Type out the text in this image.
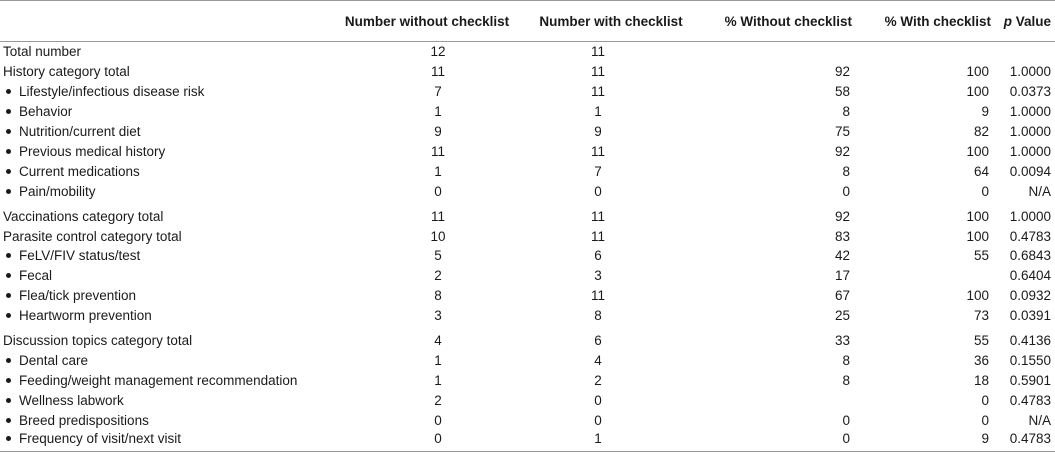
	Number without checklist	Number with checklist	% Without checklist	% With checklist	p Value
Total number	12	11			
History category total	11	11	92	100	1.0000
Lifestyle/infectious disease risk	7	11	58	100	0.0373
Behavior	1	1	8	9	1.0000
Nutrition/current diet	9	9	75	82	1.0000
Previous medical history	11	11	92	100	1.0000
Current medications	1	7	8	64	0.0094
Pain/mobility	0	0	0	0	N/A
Vaccinations category total	11	11	92	100	1.0000
Parasite control category total	10	11	83	100	0.4783
FeLV/FIV status/test	5	6	42	55	0.6843
Fecal	2	3	17		0.6404
Flea/tick prevention	8	11	67	100	0.0932
Heartworm prevention	3	8	25	73	0.0391
Discussion topics category total	4	6	33	55	0.4136
Dental care	1	4	8	36	0.1550
Feeding/weight management recommendation	1	2	8	18	0.5901
Wellness labwork	2	0		0	0.4783
Breed predispositions	0	0	0	0	N/A
Frequency of visit/next visit	0	1	0	9	0.4783
